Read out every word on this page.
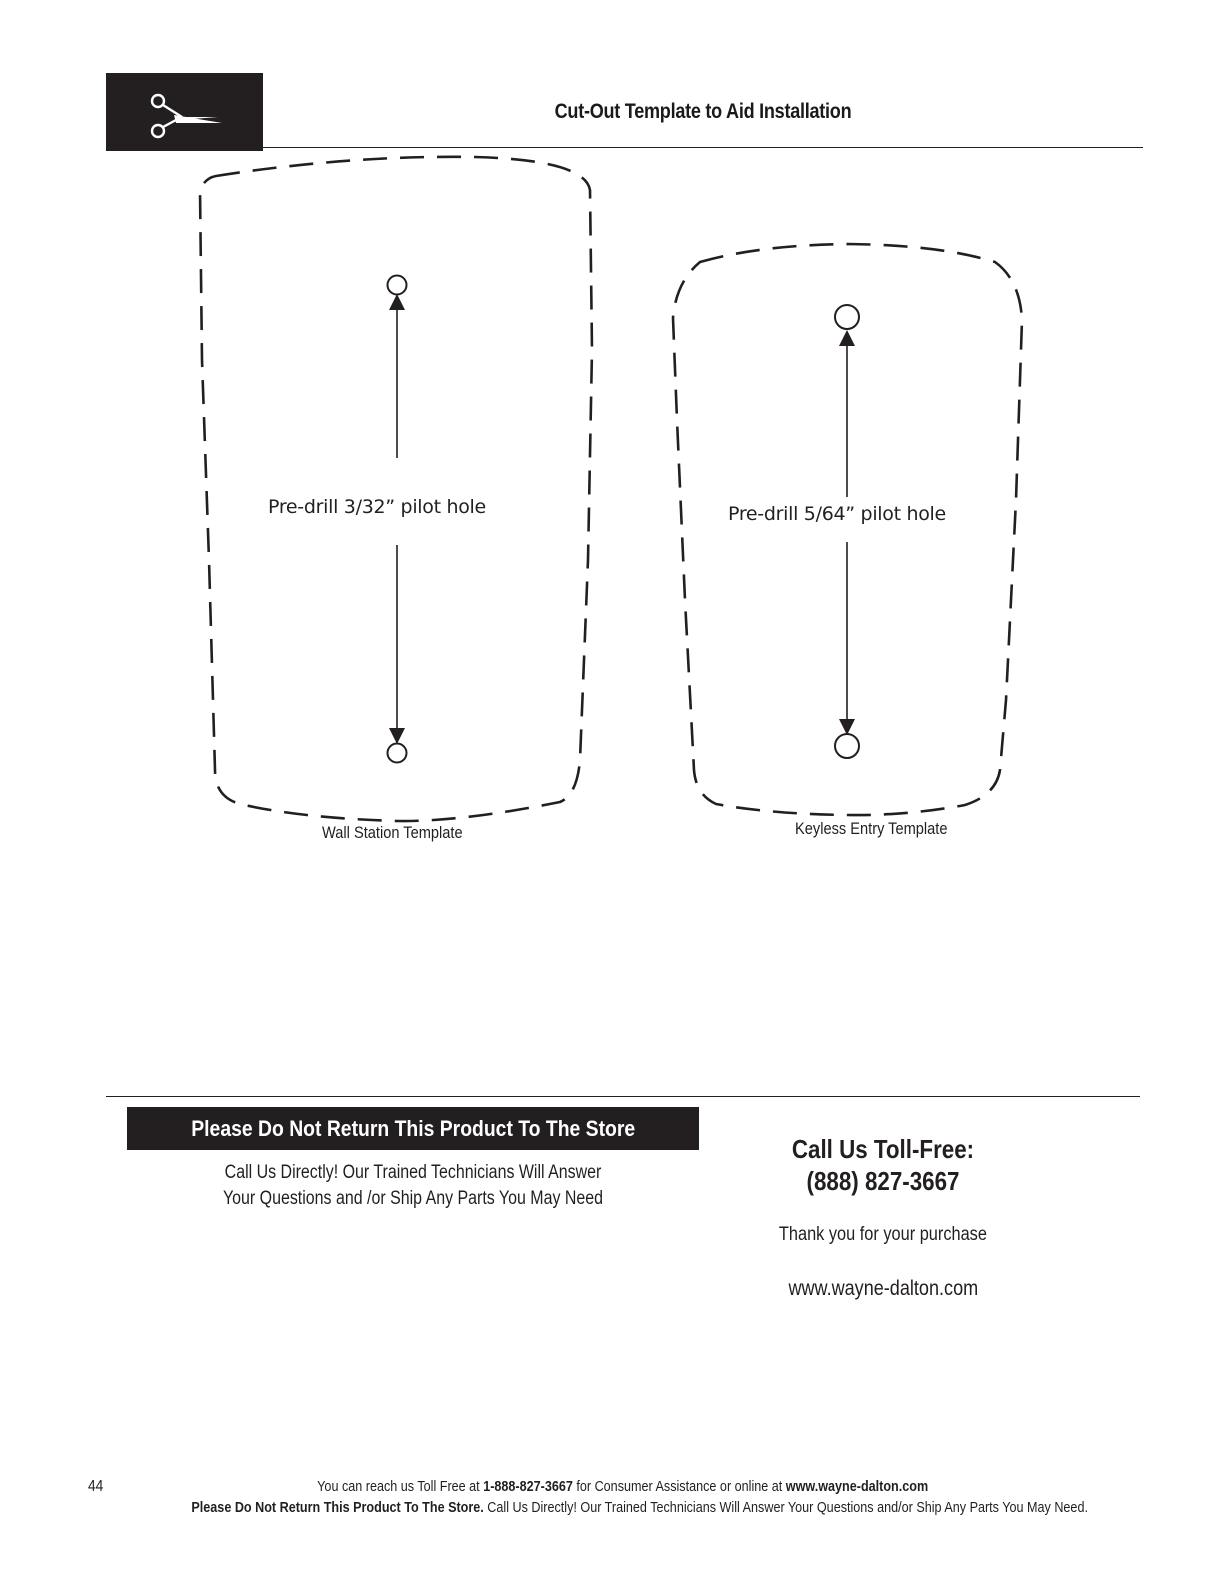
Cut-Out Template to Aid Installation
Pre-drill 3/32” pilot hole	Pre-drill 5/64” pilot hole
Wall Station Template	Keyless Entry Template
Please Do Not Return This Product To The Store
Call Us Directly! Our Trained Technicians Will Answer
Your Questions and /or Ship Any Parts You May Need
Call Us Toll-Free:
(888) 827-3667
Thank you for your purchase
www.wayne-dalton.com
44	You can reach us Toll Free at 1-888-827-3667 for Consumer Assistance or online at www.wayne-dalton.com
Please Do Not Return This Product To The Store. Call Us Directly! Our Trained Technicians Will Answer Your Questions and/or Ship Any Parts You May Need.
